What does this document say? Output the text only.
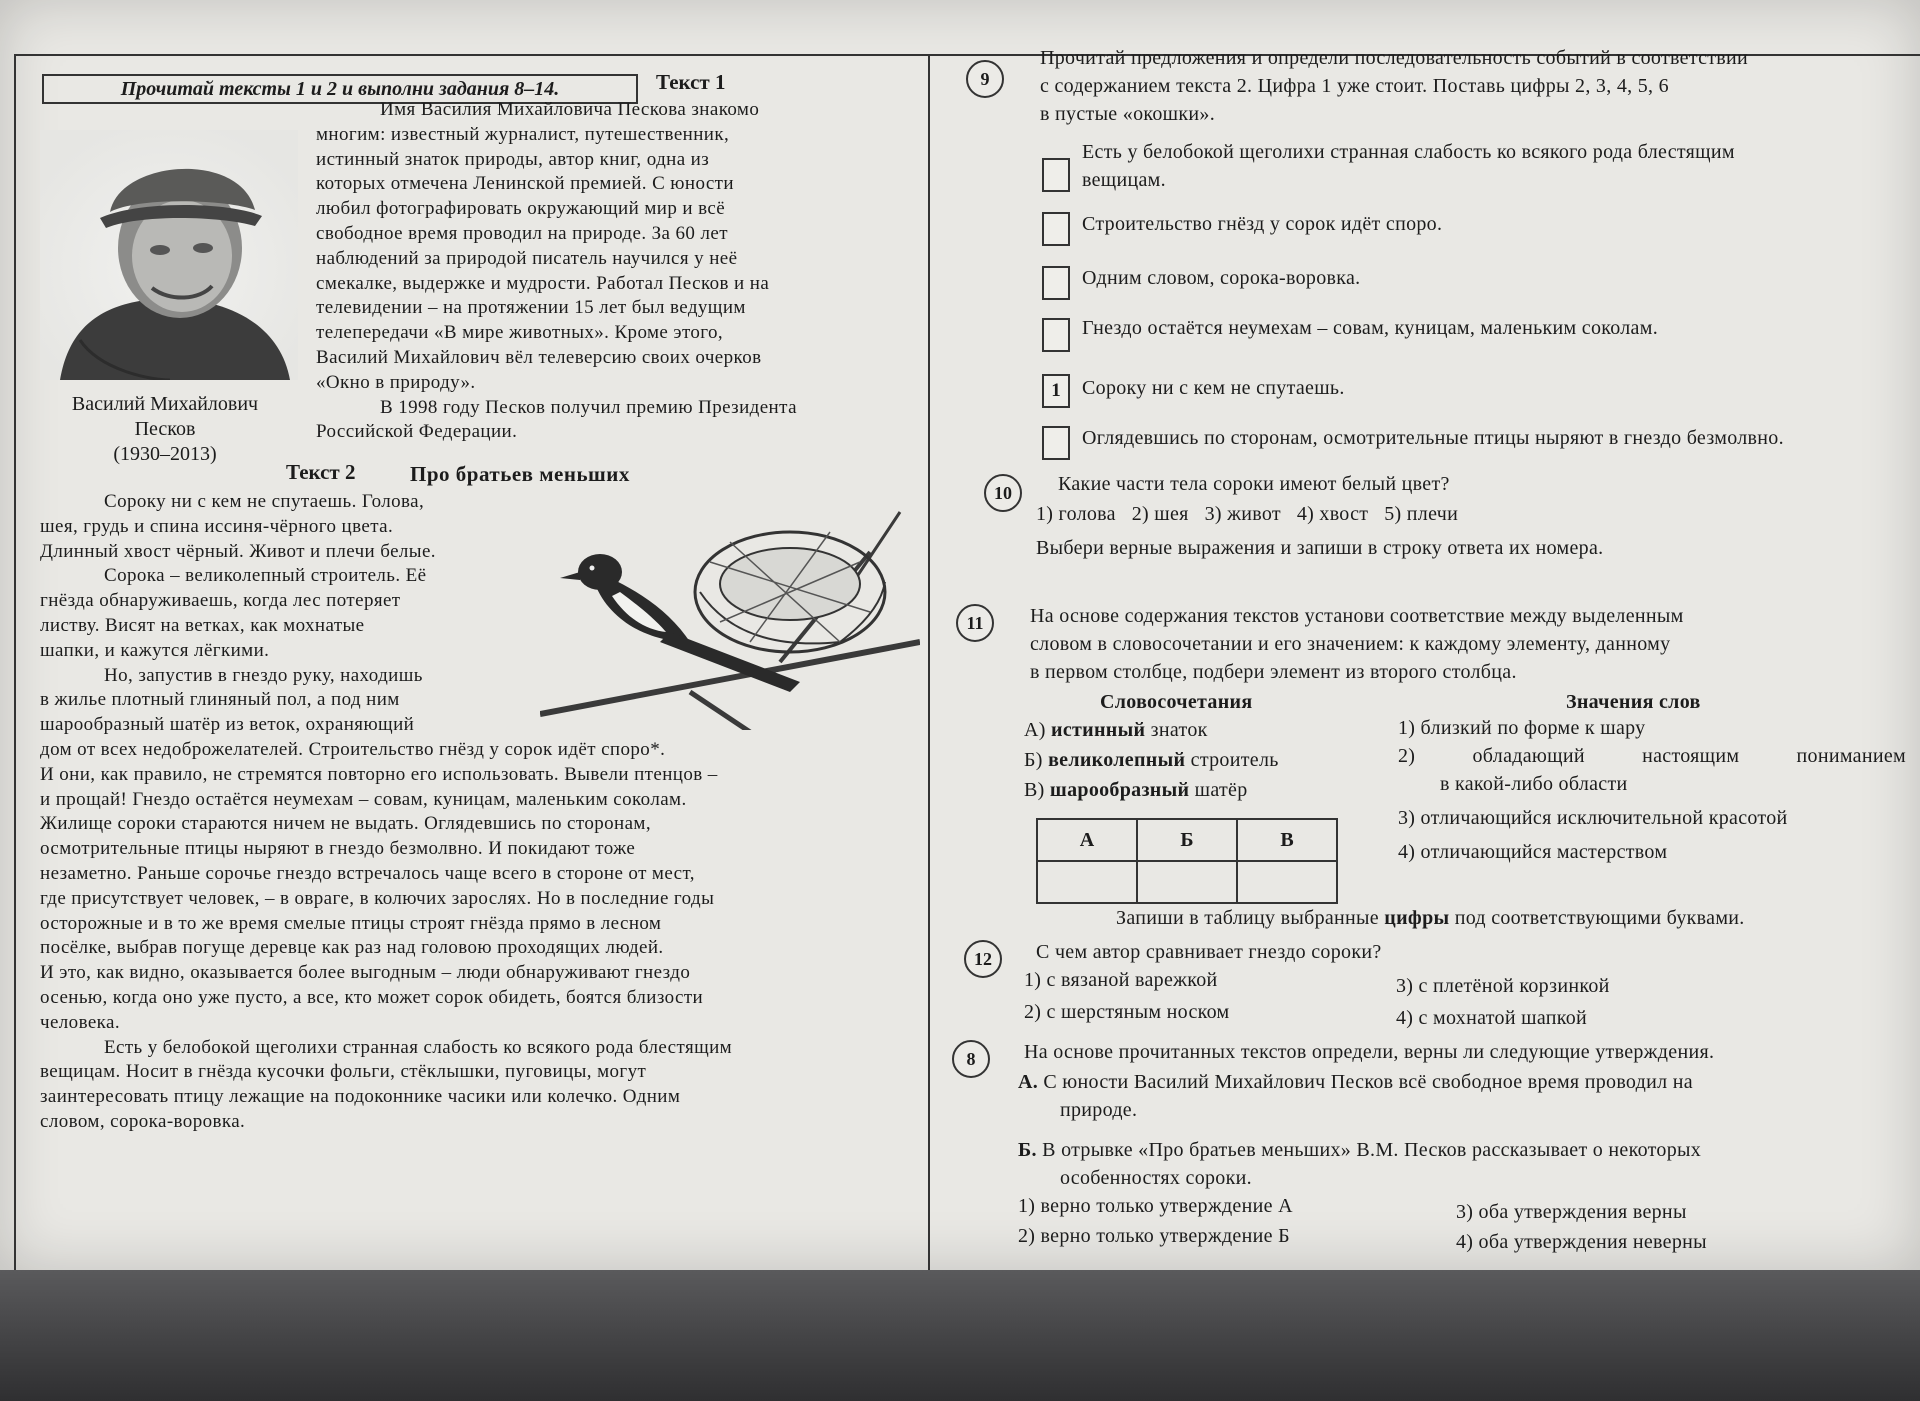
Прочитай тексты 1 и 2 и выполни задания 8–14.	Текст 1
Василий Михайлович
Песков
(1930–2013)
Имя Василия Михайловича Пескова знакомо
многим: известный журналист, путешественник,
истинный знаток природы, автор книг, одна из
которых отмечена Ленинской премией. С юности
любил фотографировать окружающий мир и всё
свободное время проводил на природе. За 60 лет
наблюдений за природой писатель научился у неё
смекалке, выдержке и мудрости. Работал Песков и на
телевидении – на протяжении 15 лет был ведущим
телепередачи «В мире животных». Кроме этого,
Василий Михайлович вёл телеверсию своих очерков
«Окно в природу».
В 1998 году Песков получил премию Президента
Российской Федерации.
Текст 2	Про братьев меньших
Сороку ни с кем не спутаешь. Голова,
шея, грудь и спина иссиня-чёрного цвета.
Длинный хвост чёрный. Живот и плечи белые.
Сорока – великолепный строитель. Её
гнёзда обнаруживаешь, когда лес потеряет
листву. Висят на ветках, как мохнатые
шапки, и кажутся лёгкими.
Но, запустив в гнездо руку, находишь
в жилье плотный глиняный пол, а под ним
шарообразный шатёр из веток, охраняющий
дом от всех недоброжелателей. Строительство гнёзд у сорок идёт споро*.
И они, как правило, не стремятся повторно его использовать. Вывели птенцов –
и прощай! Гнездо остаётся неумехам – совам, куницам, маленьким соколам.
Жилище сороки стараются ничем не выдать. Оглядевшись по сторонам,
осмотрительные птицы ныряют в гнездо безмолвно. И покидают тоже
незаметно. Раньше сорочье гнездо встречалось чаще всего в стороне от мест,
где присутствует человек, – в овраге, в колючих зарослях. Но в последние годы
осторожные и в то же время смелые птицы строят гнёзда прямо в лесном
посёлке, выбрав погуще деревце как раз над головою проходящих людей.
И это, как видно, оказывается более выгодным – люди обнаруживают гнездо
осенью, когда оно уже пусто, а все, кто может сорок обидеть, боятся близости
человека.
Есть у белобокой щеголихи странная слабость ко всякого рода блестящим
вещицам. Носит в гнёзда кусочки фольги, стёклышки, пуговицы, могут
заинтересовать птицу лежащие на подоконнике часики или колечко. Одним
словом, сорока-воровка.
9
Прочитай предложения и определи последовательность событий в соответствии
с содержанием текста 2. Цифра 1 уже стоит. Поставь цифры 2, 3, 4, 5, 6
в пустые «окошки».
Есть у белобокой щеголихи странная слабость ко всякого рода блестящим
вещицам.
Строительство гнёзд у сорок идёт споро.
Одним словом, сорока-воровка.
Гнездо остаётся неумехам – совам, куницам, маленьким соколам.
1	Сороку ни с кем не спутаешь.
Оглядевшись по сторонам, осмотрительные птицы ныряют в гнездо безмолвно.
10	Какие части тела сороки имеют белый цвет?
1) голова   2) шея   3) живот   4) хвост   5) плечи
Выбери верные выражения и запиши в строку ответа их номера.
11	На основе содержания текстов установи соответствие между выделенным
словом в словосочетании и его значением: к каждому элементу, данному
в первом столбце, подбери элемент из второго столбца.
Словосочетания	Значения слов
А) истинный знаток
Б) великолепный строитель
В) шарообразный шатёр
1) близкий по форме к шару
2) обладающий настоящим пониманием
в какой-либо области
3) отличающийся исключительной красотой
4) отличающийся мастерством
А	Б	В

Запиши в таблицу выбранные цифры под соответствующими буквами.
12	С чем автор сравнивает гнездо сороки?
1) с вязаной варежкой	3) с плетёной корзинкой
2) с шерстяным носком	4) с мохнатой шапкой
8	На основе прочитанных текстов определи, верны ли следующие утверждения.
А. С юности Василий Михайлович Песков всё свободное время проводил на
природе.
Б. В отрывке «Про братьев меньших» В.М. Песков рассказывает о некоторых
особенностях сороки.
1) верно только утверждение А	3) оба утверждения верны
2) верно только утверждение Б	4) оба утверждения неверны
